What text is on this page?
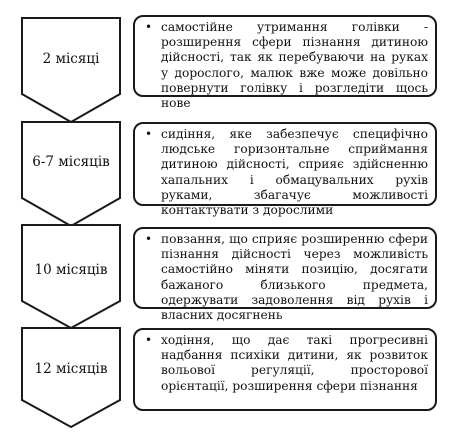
2 місяці
6-7 місяців
10 місяців
12 місяців
• самостійне утримання голівки - розширення сфери пізнання дитиною дійсності, так як перебуваючи на руках у дорослого, малюк вже може довільно повернути голівку і розгледіти щось нове
• сидіння, яке забезпечує специфічно людське горизонтальне сприймання дитиною дійсності, сприяє здійсненню хапальних і обмацувальних рухів руками, збагачує можливості контактувати з дорослими
• повзання, що сприяє розширенню сфери пізнання дійсності через можливість самостійно міняти позицію, досягати бажаного близького предмета, одержувати задоволення від рухів і власних досягнень
• ходіння, що дає такі прогресивні надбання психіки дитини, як розвиток вольової регуляції, просторової орієнтації, розширення сфери пізнання
